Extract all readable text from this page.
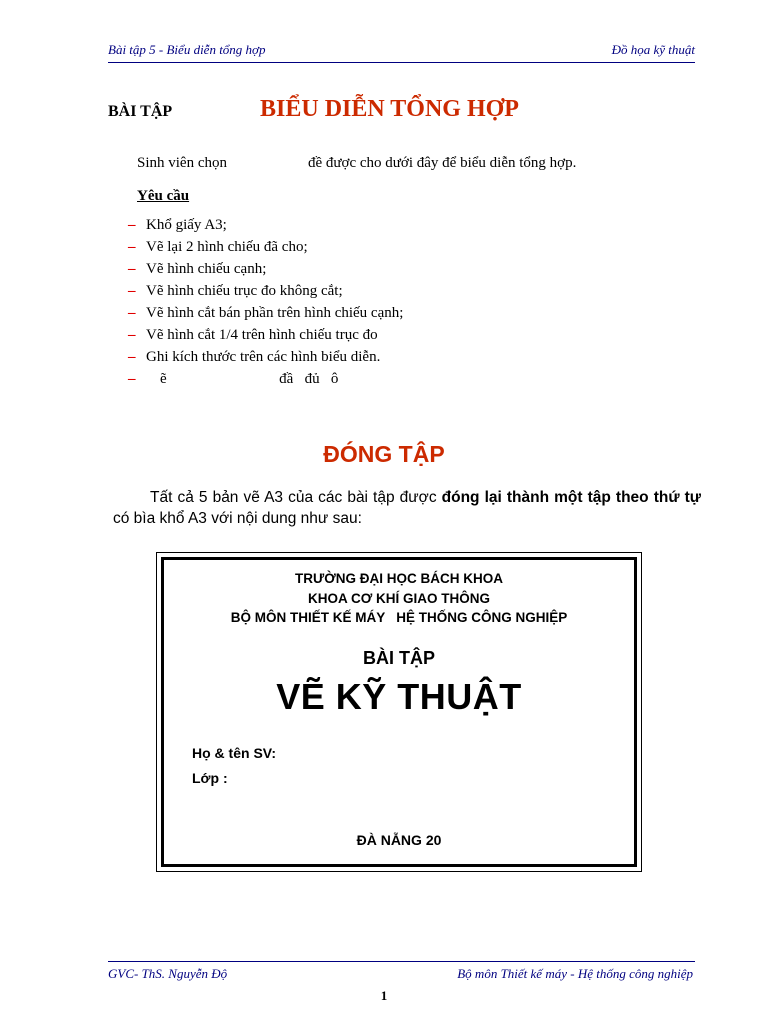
Bài tập 5 - Biểu diễn tổng hợp	Đồ họa kỹ thuật
BÀI TẬP	BIỂU DIỄN TỔNG HỢP
Sinh viên chọn	đề được cho dưới đây để biểu diễn tổng hợp.
Yêu cầu
– Khổ giấy A3;
– Vẽ lại 2 hình chiếu đã cho;
– Vẽ hình chiếu cạnh;
– Vẽ hình chiếu trục đo không cắt;
– Vẽ hình cắt bán phần trên hình chiếu cạnh;
– Vẽ hình cắt 1/4 trên hình chiếu trục đo
– Ghi kích thước trên các hình biểu diễn.
–	ẽ                              đầ   đủ   ô
ĐÓNG TẬP
Tất cả 5 bản vẽ A3 của các bài tập được đóng lại thành một tập theo thứ tự có bìa khổ A3 với nội dung như sau:
TRƯỜNG ĐẠI HỌC BÁCH KHOA
KHOA CƠ KHÍ GIAO THÔNG
BỘ MÔN THIẾT KẾ MÁY   HỆ THỐNG CÔNG NGHIỆP
BÀI TẬP
VẼ KỸ THUẬT
Họ & tên SV:
Lớp :
ĐÀ NẴNG 20
GVC- ThS. Nguyễn Độ	Bộ môn Thiết kế máy - Hệ thống công nghiệp
1
